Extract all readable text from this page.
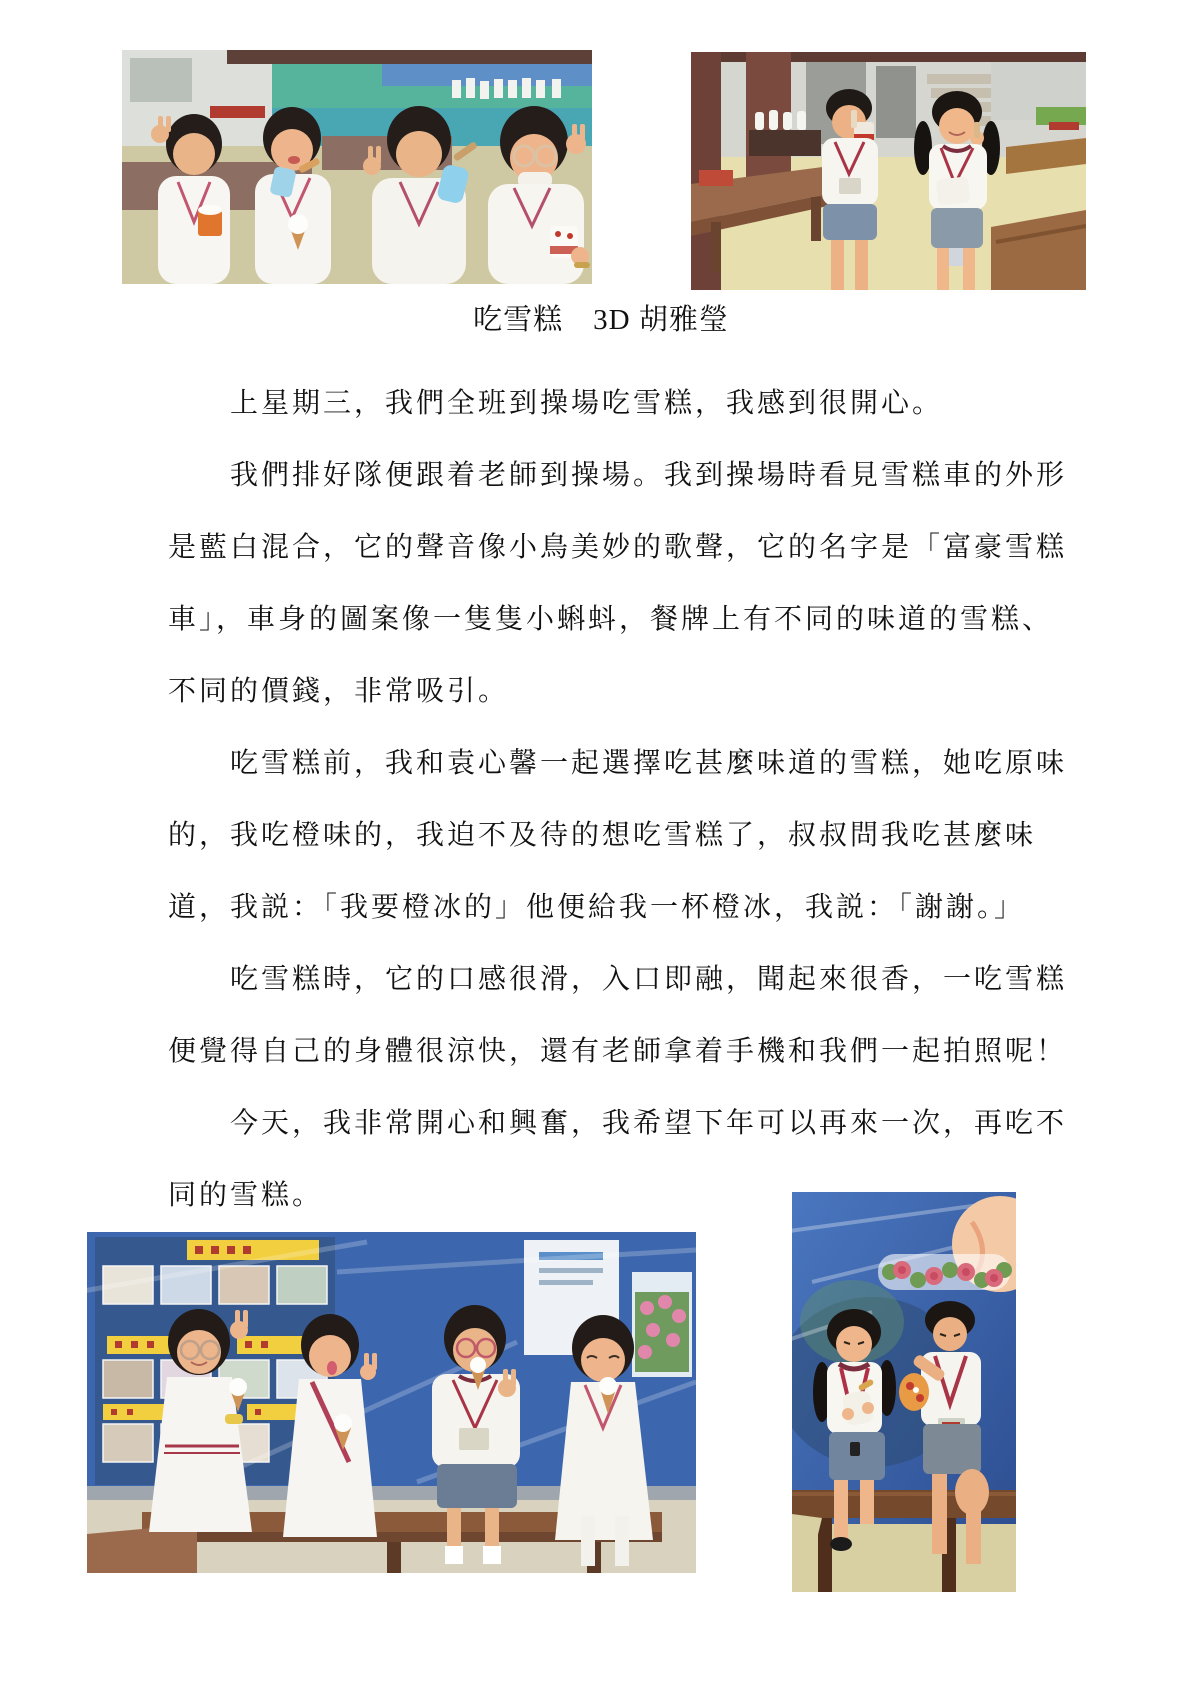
吃雪糕　3D 胡雅瑩
上星期三，我們全班到操場吃雪糕，我感到很開心。
我們排好隊便跟着老師到操場。我到操場時看見雪糕車的外形
是藍白混合，它的聲音像小鳥美妙的歌聲，它的名字是「富豪雪糕
車」，車身的圖案像一隻隻小蝌蚪，餐牌上有不同的味道的雪糕、
不同的價錢，非常吸引。
吃雪糕前，我和袁心馨一起選擇吃甚麼味道的雪糕，她吃原味
的，我吃橙味的，我迫不及待的想吃雪糕了，叔叔問我吃甚麼味
道，我説：「我要橙冰的」他便給我一杯橙冰，我説：「謝謝。」
吃雪糕時，它的口感很滑，入口即融，聞起來很香，一吃雪糕
便覺得自己的身體很涼快，還有老師拿着手機和我們一起拍照呢！
今天，我非常開心和興奮，我希望下年可以再來一次，再吃不
同的雪糕。
